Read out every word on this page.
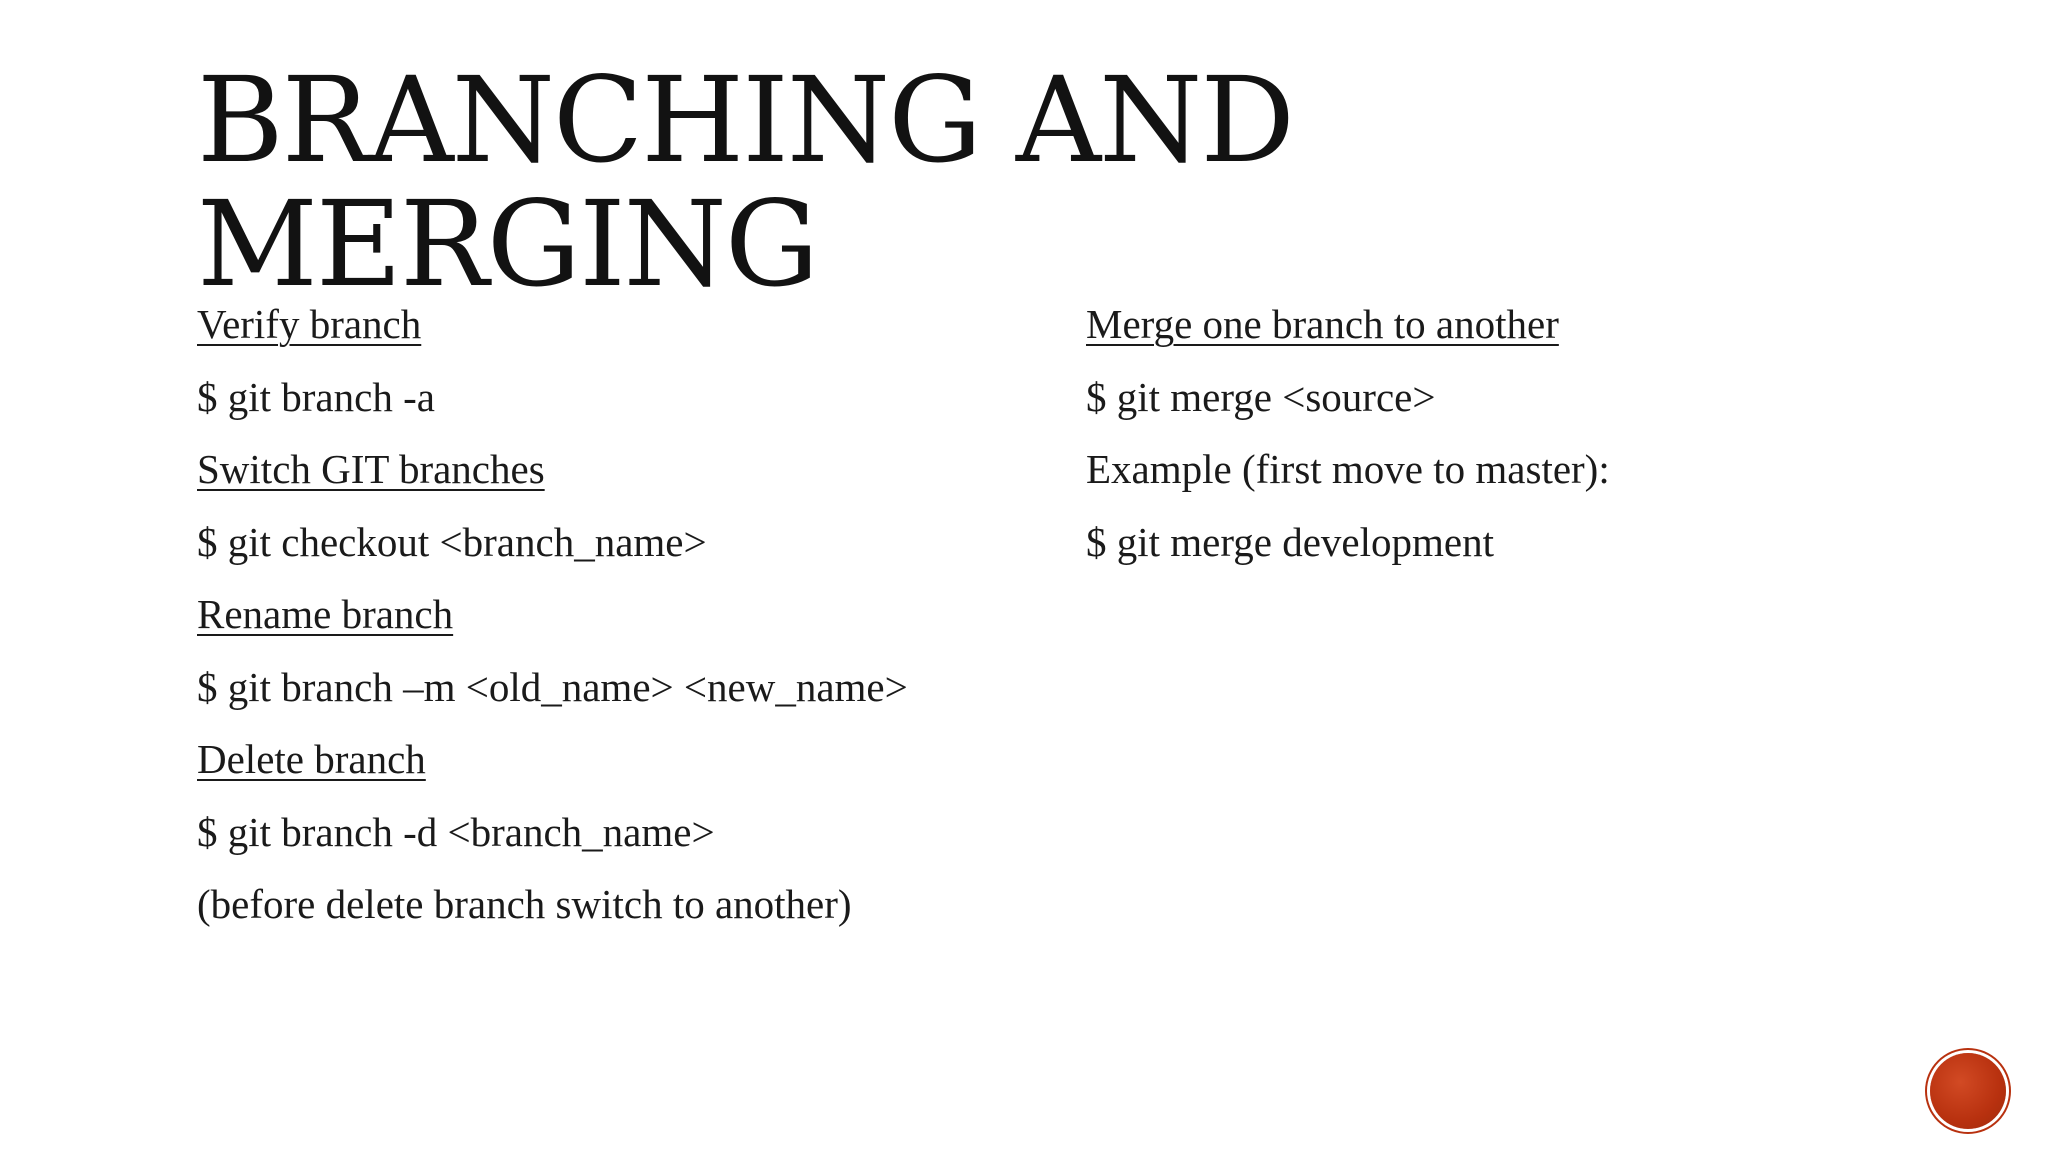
BRANCHING AND
MERGING
Verify branch
$ git branch -a
Switch GIT branches
$ git checkout <branch_name>
Rename branch
$ git branch –m <old_name> <new_name>
Delete branch
$ git branch -d <branch_name>
(before delete branch switch to another)
Merge one branch to another
$ git merge <source>
Example (first move to master):
$ git merge development
